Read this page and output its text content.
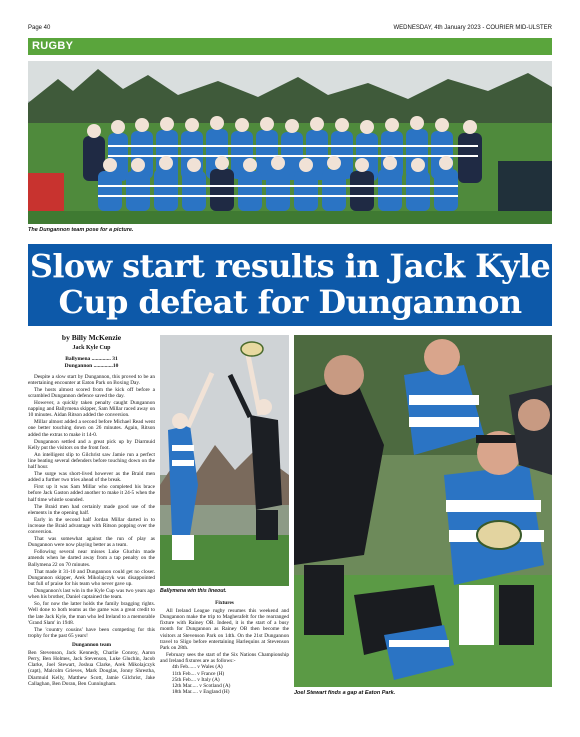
Page 40	WEDNESDAY, 4th January 2023 - COURIER MID-ULSTER
RUGBY
The Dungannon team pose for a picture.
Slow start results in Jack Kyle
Cup defeat for Dungannon
by Billy McKenzie
Jack Kyle Cup
Ballymena .............. 31
Dungannon ..............10

Despite a slow start by Dungannon, this proved to be an entertaining encounter at Eaton Park on Boxing Day.

The hosts almost scored from the kick off before a scrambled Dungannon defence saved the day.

However, a quickly taken penalty caught Dungannon napping and Ballymena skipper, Sam Millar raced away on 10 minutes. Aidan Ritson added the conversion.

Millar almost added a second before Michael Read went one better touching down on 26 minutes. Again, Ritson added the extras to make it 14-0.

Dungannon settled and a great pick up by Diarmuid Kelly put the visitors on the front foot.

An intelligent slip to Gilchrist saw Jamie run a perfect line beating several defenders before touching down on the half hour.

The surge was short-lived however as the Braid men added a further two tries ahead of the break.

First up it was Sam Millar who completed his brace before Jack Gaston added another to make it 24-5 when the half time whistle sounded.

The Braid men had certainly made good use of the elements in the opening half.

Early in the second half Jordan Millar darted in to increase the Braid advantage with Ritson popping over the conversion.

That was somewhat against the run of play as Dungannon were now playing better as a team.

Following several near misses Luke Gluchin made amends when he darted away from a tap penalty on the Ballymena 22 on 70 minutes.

That made it 31-10 and Dungannon could get no closer. Dungannon skipper, Arek Mikolajczyk was disappointed but full of praise for his team who never gave up.

Dungannon's last win in the Kyle Cup was two years ago when his brother, Daniel captained the team.

So, for now the latter holds the family bragging rights. Well done to both teams as the game was a great credit to the late Jack Kyle, the man who led Ireland to a memorable 'Grand Slam' in 1948.

The 'country cousins' have been competing for this trophy for the past 65 years!

Dungannon team

Ben Stevenson, Jack Kennedy, Charlie Conroy, Aaron Perry, Ben Holmes, Jack Stevenson, Luke Gluchin, Jacob Clarke, Joel Stewart, Joshua Clarke, Arek Mikolajczyk (capt), Malcolm Grieves, Mark Douglas, Jonny Shrestha, Diarmuid Kelly, Matthew Scott, Jamie Gilchrist, Jake Callaghan, Ben Doran, Ben Cunningham.

Ballymena win this lineout.
Fixtures

All Ireland League rugby resumes this weekend and Dungannon make the trip to Magherafelt for the rearranged fixture with Rainey OB. Indeed, it is the start of a busy month for Dungannon as Rainey OB then become the visitors at Stevenson Park on 14th. On the 21st Dungannon travel to Sligo before entertaining Harlequins at Stevenson Park on 28th.

February sees the start of the Six Nations Championship and Ireland fixtures are as follows:-

4th Feb...... v Wales (A)
11th Feb.... v France (H)
25th Feb.... v Italy (A)
12th Mar..... v Scotland (A)
18th Mar..... v England (H)	Joel Stewart finds a gap at Eaton Park.
